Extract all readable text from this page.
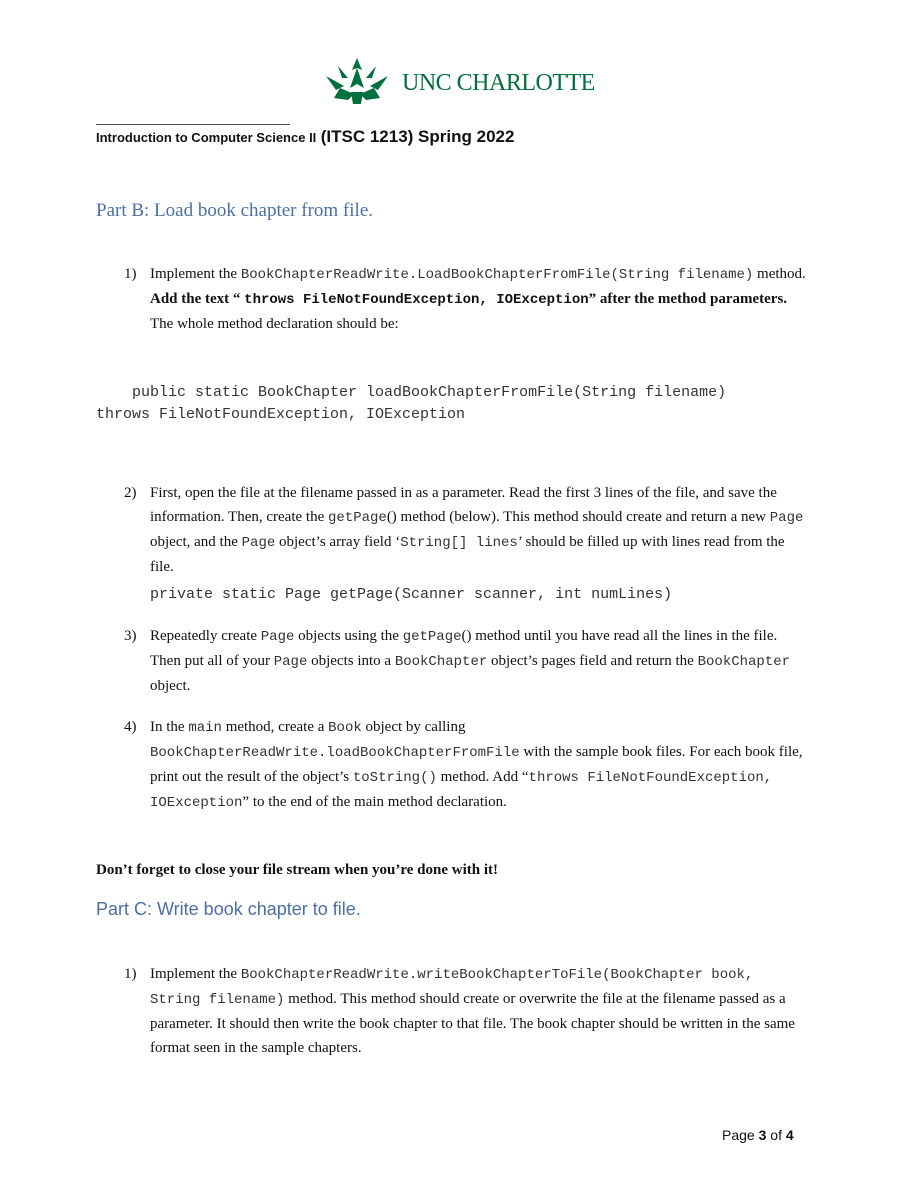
UNC CHARLOTTE
Introduction to Computer Science II (ITSC 1213) Spring 2022
Part B: Load book chapter from file.
1) Implement the BookChapterReadWrite.LoadBookChapterFromFile(String filename) method. Add the text “ throws FileNotFoundException, IOException” after the method parameters. The whole method declaration should be:
public static BookChapter loadBookChapterFromFile(String filename)
throws FileNotFoundException, IOException
2) First, open the file at the filename passed in as a parameter. Read the first 3 lines of the file, and save the information. Then, create the getPage() method (below). This method should create and return a new Page object, and the Page object’s array field ‘String[] lines’ should be filled up with lines read from the file.
private static Page getPage(Scanner scanner, int numLines)
3) Repeatedly create Page objects using the getPage() method until you have read all the lines in the file. Then put all of your Page objects into a BookChapter object’s pages field and return the BookChapter object.
4) In the main method, create a Book object by calling BookChapterReadWrite.loadBookChapterFromFile with the sample book files. For each book file, print out the result of the object’s toString() method. Add “throws FileNotFoundException, IOException” to the end of the main method declaration.
Don’t forget to close your file stream when you’re done with it!
Part C: Write book chapter to file.
1) Implement the BookChapterReadWrite.writeBookChapterToFile(BookChapter book, String filename) method. This method should create or overwrite the file at the filename passed as a parameter. It should then write the book chapter to that file. The book chapter should be written in the same format seen in the sample chapters.
Page 3 of 4
